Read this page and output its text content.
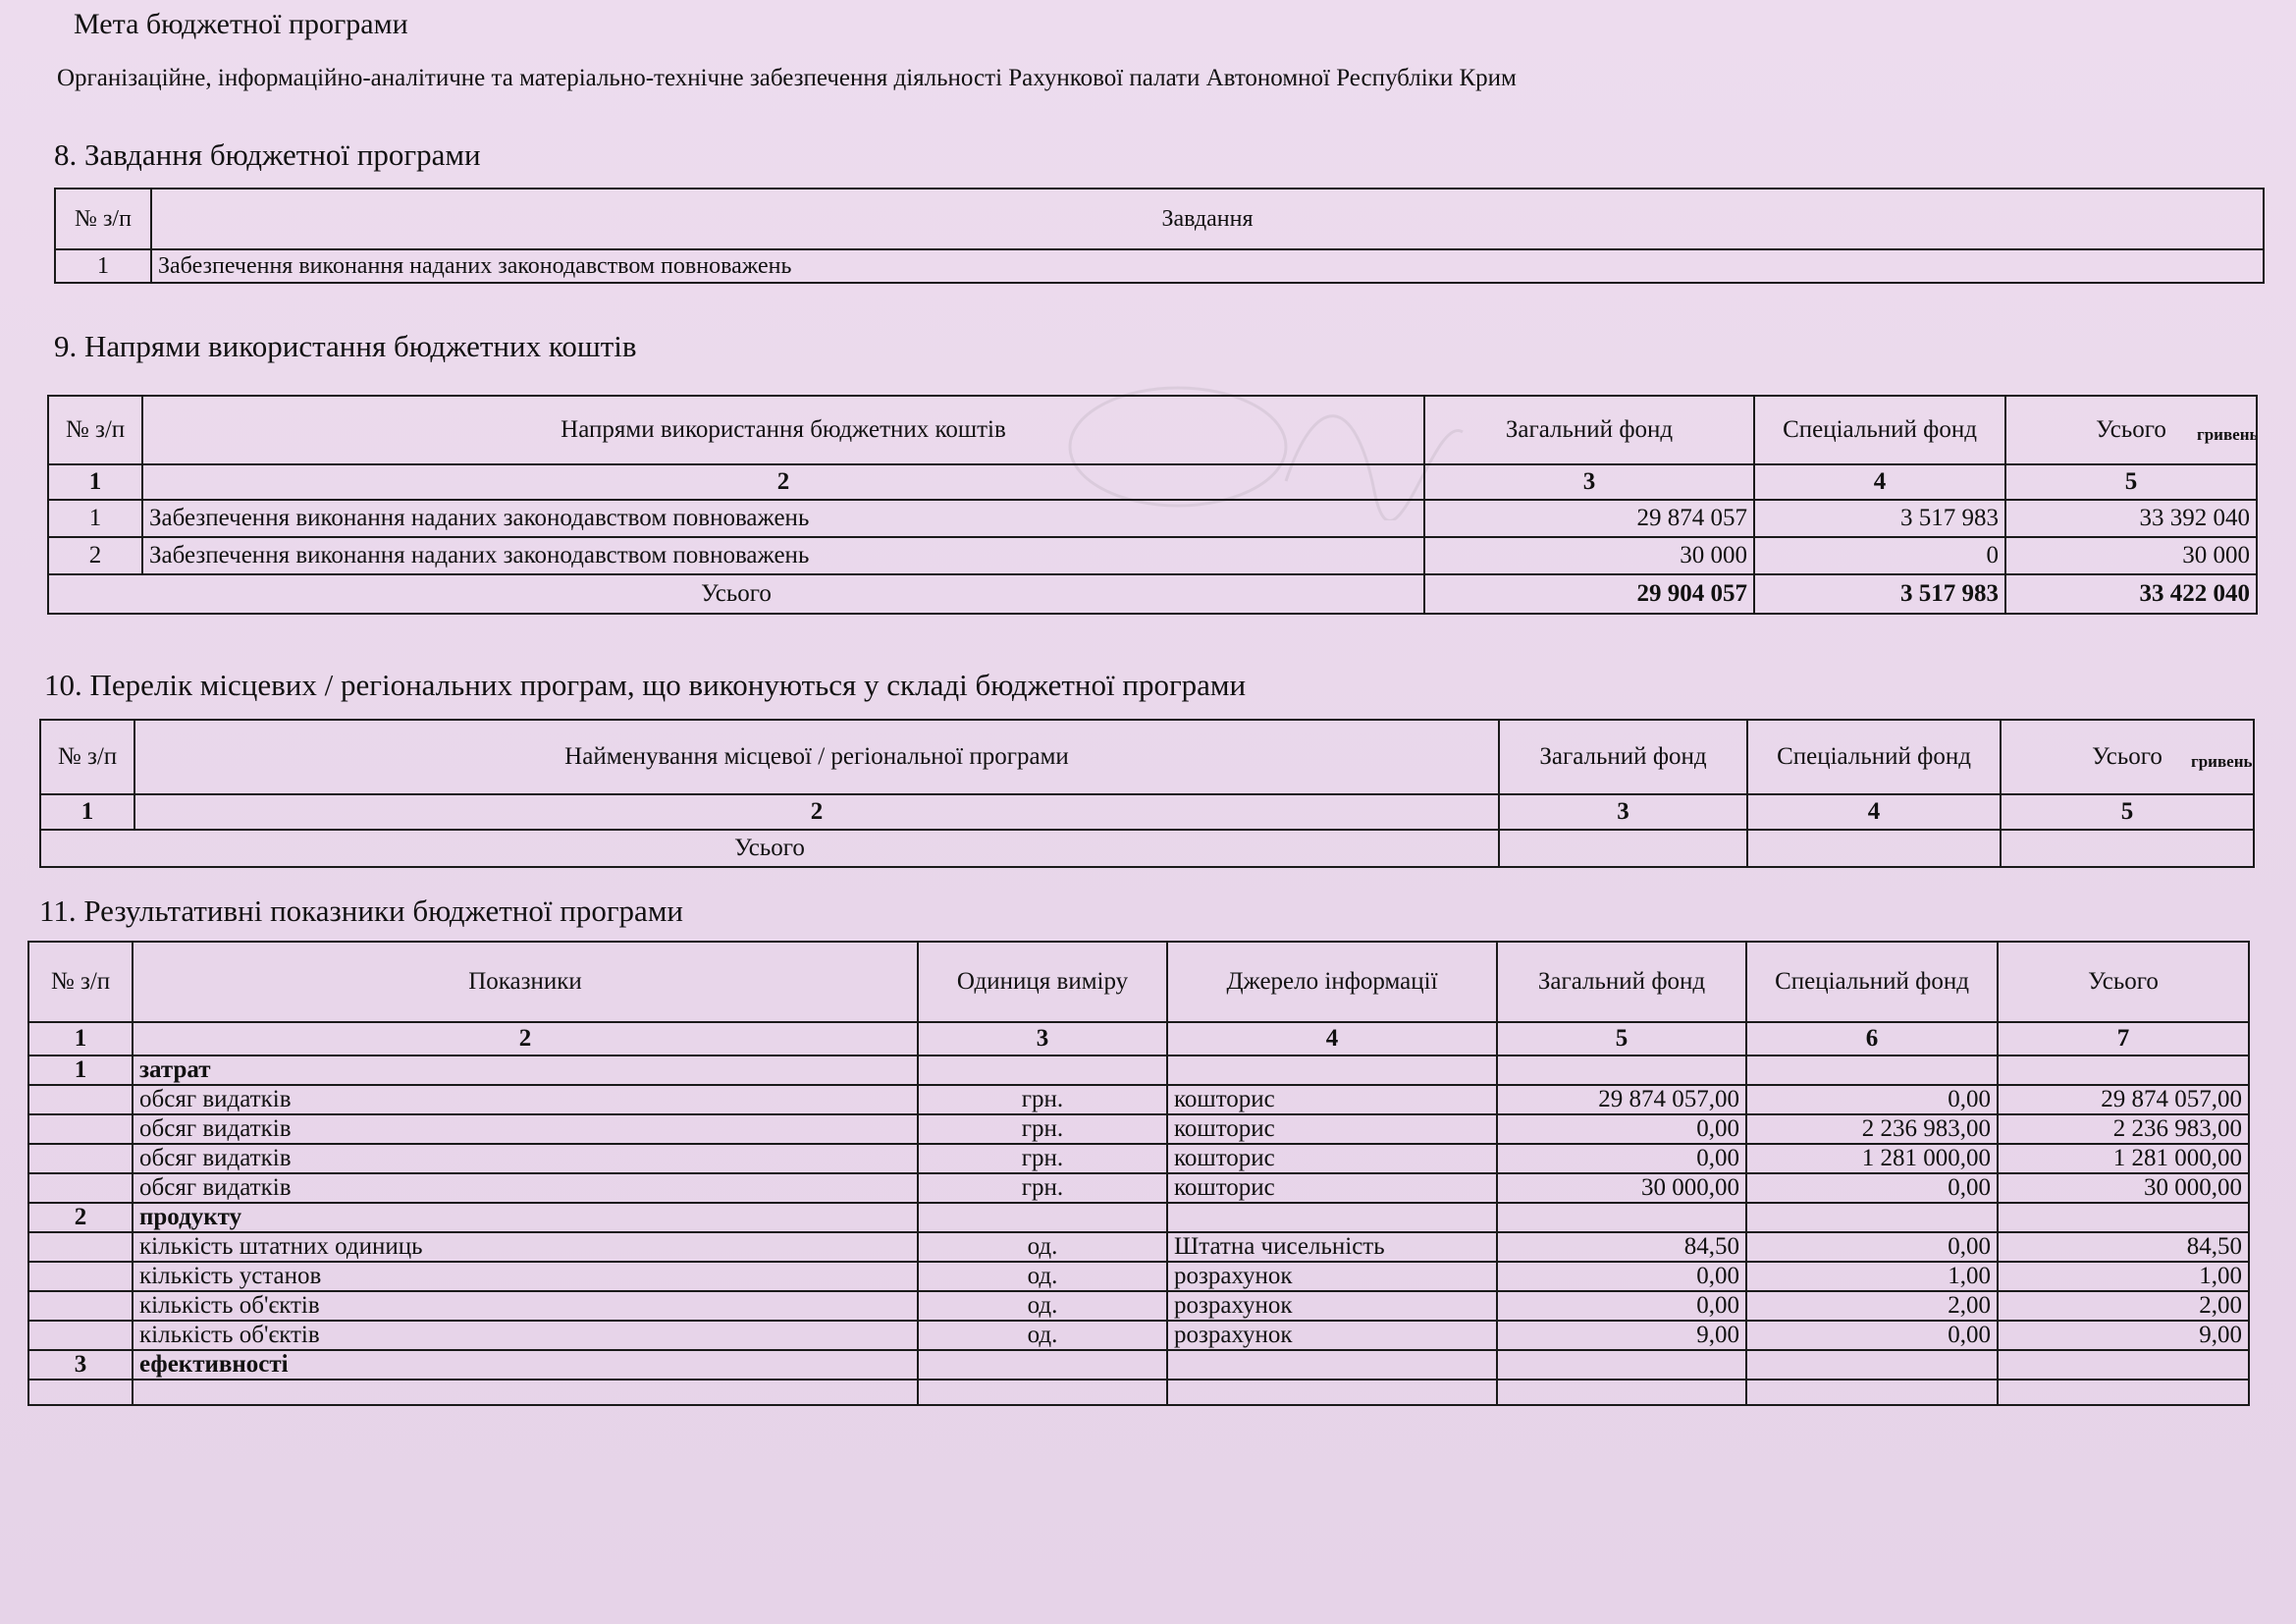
Мета бюджетної програми
Організаційне, інформаційно-аналітичне та матеріально-технічне забезпечення діяльності Рахункової палати Автономної Республіки Крим
8. Завдання бюджетної програми
№ з/п	Завдання
1	Забезпечення виконання наданих законодавством повноважень
9. Напрями використання бюджетних коштів
гривень
№ з/п	Напрями використання бюджетних коштів	Загальний фонд	Спеціальний фонд	Усього
1	2	3	4	5
1	Забезпечення виконання наданих законодавством повноважень	29 874 057	3 517 983	33 392 040
2	Забезпечення виконання наданих законодавством повноважень	30 000	0	30 000
Усього		29 904 057	3 517 983	33 422 040
10. Перелік місцевих / регіональних програм, що виконуються у складі бюджетної програми
гривень
№ з/п	Найменування місцевої / регіональної програми	Загальний фонд	Спеціальний фонд	Усього
1	2	3	4	5
Усього				
11. Результативні показники бюджетної програми
№ з/п	Показники	Одиниця виміру	Джерело інформації	Загальний фонд	Спеціальний фонд	Усього
1	2	3	4	5	6	7
1	затрат					
	обсяг видатків	грн.	кошторис	29 874 057,00	0,00	29 874 057,00
	обсяг видатків	грн.	кошторис	0,00	2 236 983,00	2 236 983,00
	обсяг видатків	грн.	кошторис	0,00	1 281 000,00	1 281 000,00
	обсяг видатків	грн.	кошторис	30 000,00	0,00	30 000,00
2	продукту					
	кількість штатних одиниць	од.	Штатна чисельність	84,50	0,00	84,50
	кількість установ	од.	розрахунок	0,00	1,00	1,00
	кількість об'єктів	од.	розрахунок	0,00	2,00	2,00
	кількість об'єктів	од.	розрахунок	9,00	0,00	9,00
3	ефективності					
